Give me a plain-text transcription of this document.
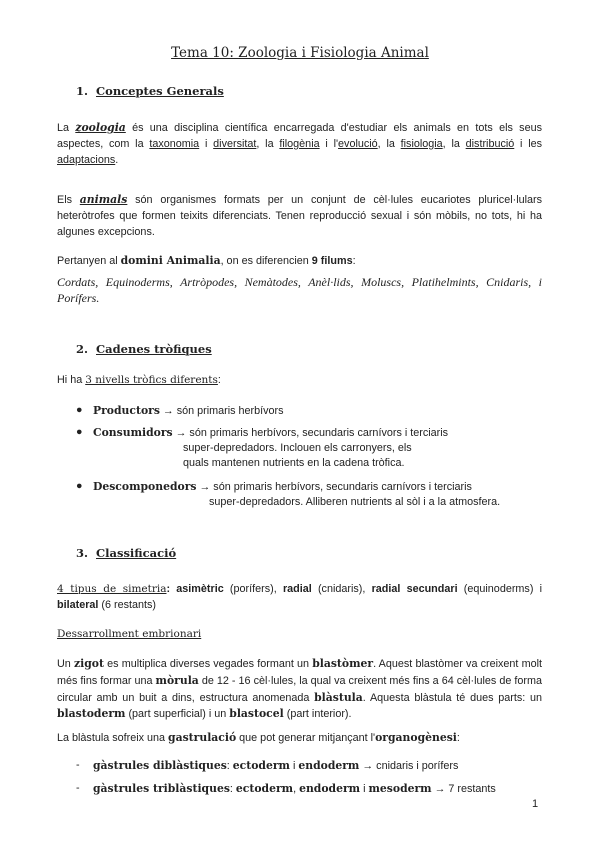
Tema 10: Zoologia i Fisiologia Animal
1. Conceptes Generals
La zoologia és una disciplina científica encarregada d'estudiar els animals en tots els seus aspectes, com la taxonomia i diversitat, la filogènia i l'evolució, la fisiologia, la distribució i les adaptacions.
Els animals són organismes formats per un conjunt de cèl·lules eucariotes pluricel·lulars heteròtrofes que formen teixits diferenciats. Tenen reproducció sexual i són mòbils, no tots, hi ha algunes excepcions.
Pertanyen al domini Animalia, on es diferencien 9 filums:
Cordats, Equinoderms, Artròpodes, Nemàtodes, Anèl·lids, Moluscs, Platihelmints, Cnidaris, i Porífers.
2. Cadenes tròfiques
Hi ha 3 nivells tròfics diferents:
● Productors → són primaris herbívors
● Consumidors → són primaris herbívors, secundaris carnívors i terciaris
super-depredadors. Inclouen els carronyers, els quals mantenen nutrients en la cadena tròfica.
● Descomponedors → són primaris herbívors, secundaris carnívors i terciaris
super-depredadors. Alliberen nutrients al sòl i a la atmosfera.
3. Classificació
4 tipus de simetria: asimètric (porífers), radial (cnidaris), radial secundari (equinoderms) i bilateral (6 restants)
Dessarrollment embrionari
Un zigot es multiplica diverses vegades formant un blastòmer. Aquest blastòmer va creixent molt més fins formar una mòrula de 12 - 16 cèl·lules, la qual va creixent més fins a 64 cèl·lules de forma circular amb un buit a dins, estructura anomenada blàstula. Aquesta blàstula té dues parts: un blastoderm (part superficial) i un blastocel (part interior).
La blàstula sofreix una gastrulació que pot generar mitjançant l'organogènesi:
- gàstrules diblàstiques: ectoderm i endoderm → cnidaris i porífers
- gàstrules triblàstiques: ectoderm, endoderm i mesoderm → 7 restants
1
